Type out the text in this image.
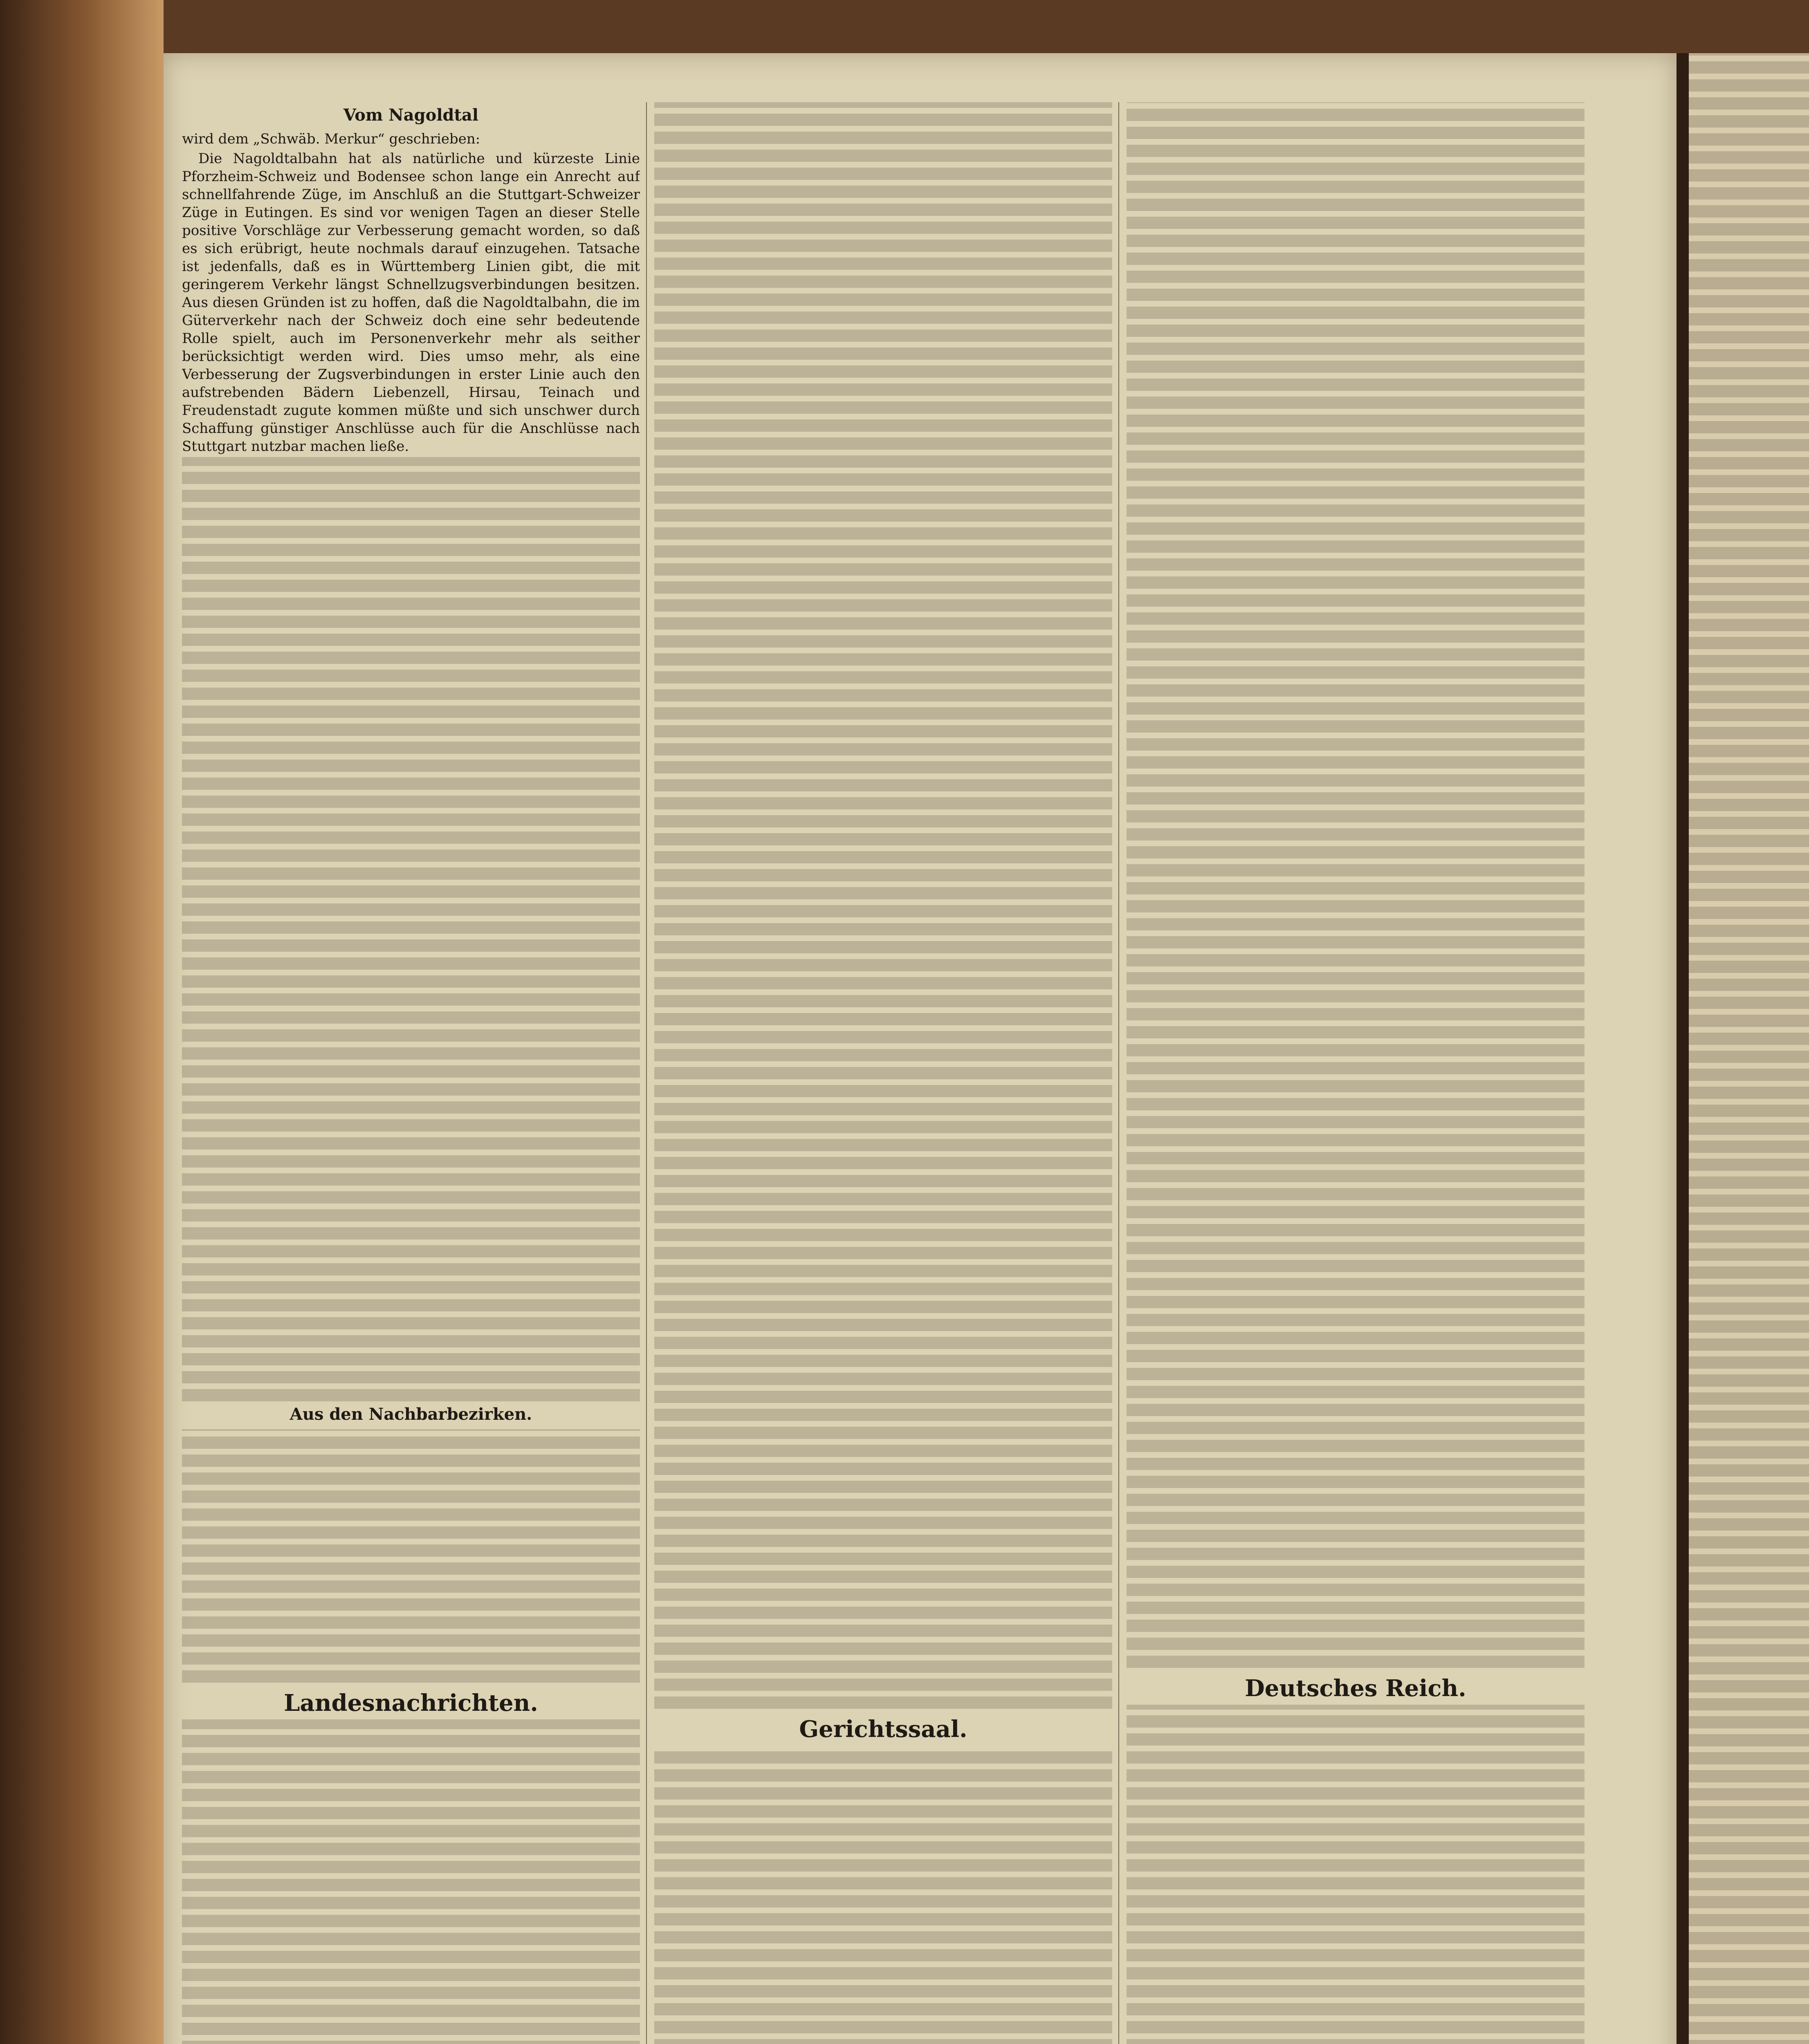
Vom Nagoldtal

wird dem „Schwäb. Merkur“ geschrieben:

Die Nagoldtalbahn hat als natürliche und kürzeste Linie Pforzheim-Schweiz und Bodensee schon lange ein Anrecht auf schnellfahrende Züge, im Anschluß an die Stuttgart-Schweizer Züge in Eutingen. Es sind vor wenigen Tagen an dieser Stelle positive Vorschläge zur Verbesserung gemacht worden, so daß es sich erübrigt, heute nochmals darauf einzugehen. Tatsache ist jedenfalls, daß es in Württemberg Linien gibt, die mit geringerem Verkehr längst Schnellzugsverbindungen besitzen. Aus diesen Gründen ist zu hoffen, daß die Nagoldtalbahn, die im Güterverkehr nach der Schweiz doch eine sehr bedeutende Rolle spielt, auch im Personenverkehr mehr als seither berücksichtigt werden wird. Dies umso mehr, als eine Verbesserung der Zugsverbindungen in erster Linie auch den aufstrebenden Bädern Liebenzell, Hirsau, Teinach und Freudenstadt zugute kommen müßte und sich unschwer durch Schaffung günstiger Anschlüsse auch für die Anschlüsse nach Stuttgart nutzbar machen ließe.

Aus den Nachbarbezirken.
Landesnachrichten.
Gerichtssaal.
Deutsches Reich.
